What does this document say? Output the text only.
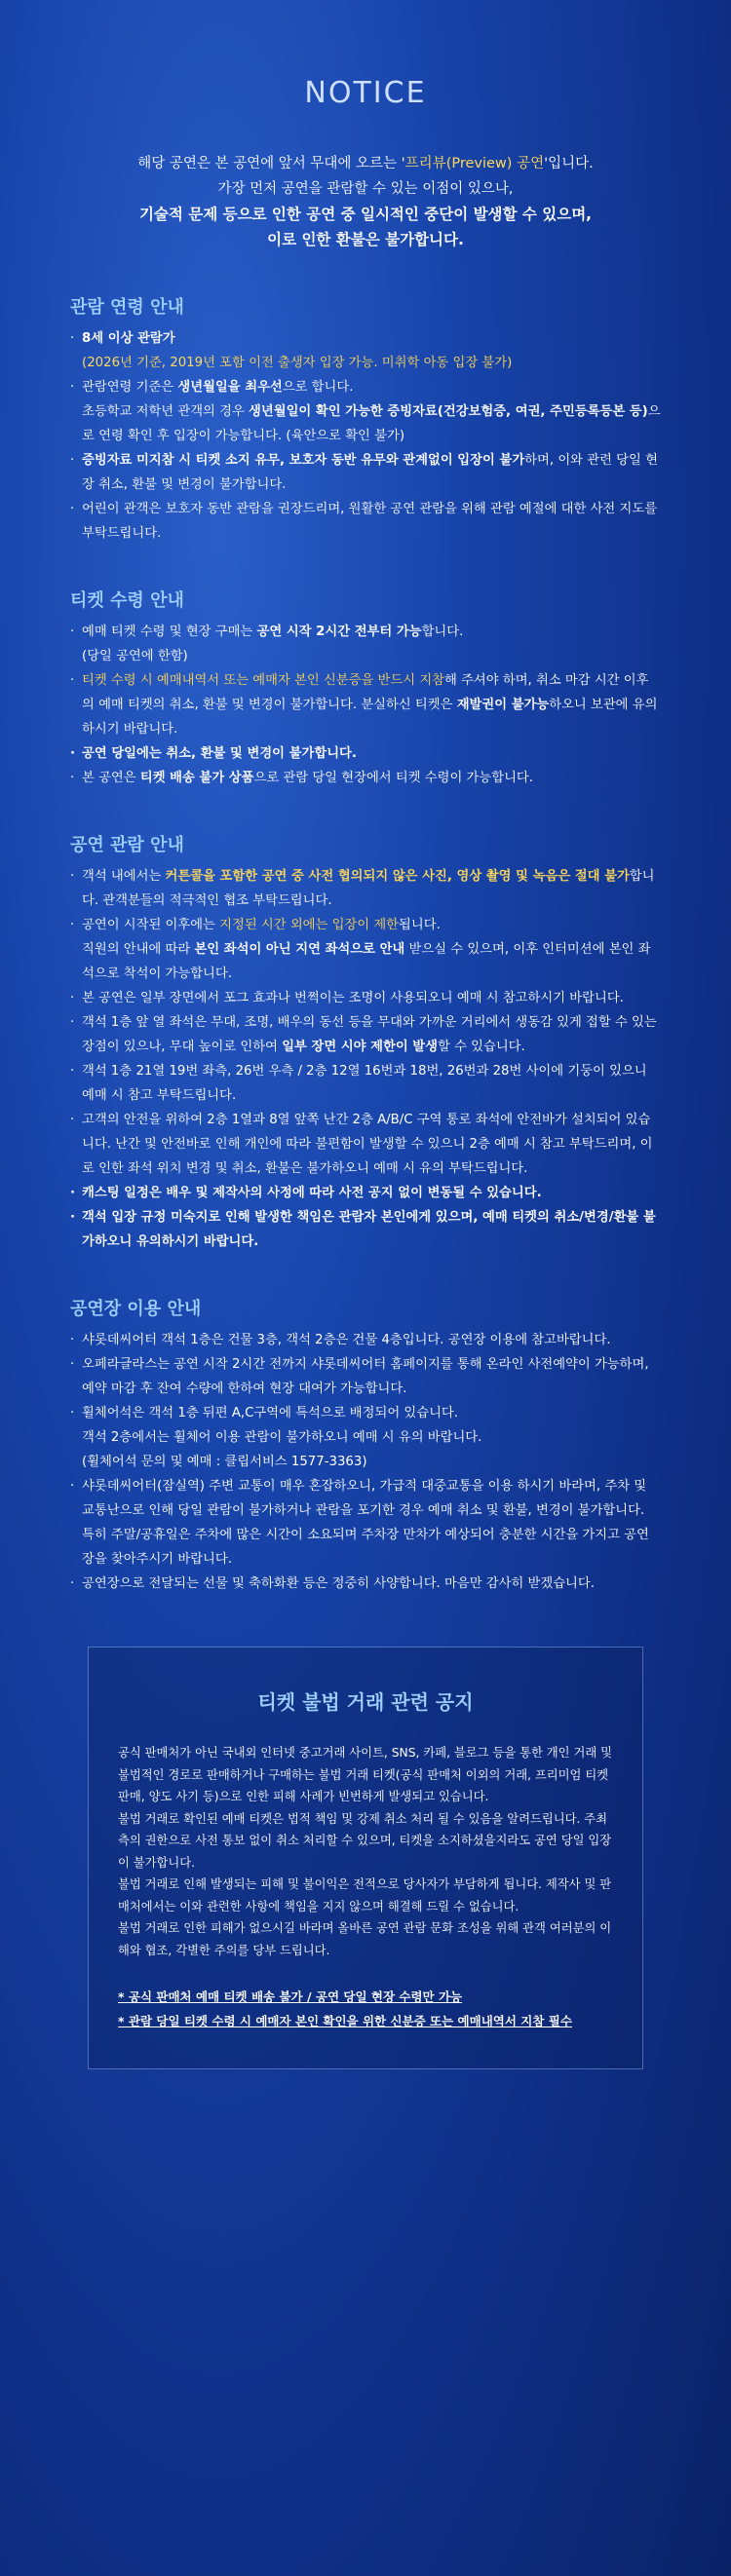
NOTICE
해당 공연은 본 공연에 앞서 무대에 오르는 '프리뷰(Preview) 공연'입니다.
가장 먼저 공연을 관람할 수 있는 이점이 있으나,
기술적 문제 등으로 인한 공연 중 일시적인 중단이 발생할 수 있으며,
이로 인한 환불은 불가합니다.
관람 연령 안내
· 8세 이상 관람가
(2026년 기준, 2019년 포함 이전 출생자 입장 가능. 미취학 아동 입장 불가)
· 관람연령 기준은 생년월일을 최우선으로 합니다.
초등학교 저학년 관객의 경우 생년월일이 확인 가능한 증빙자료(건강보험증, 여권, 주민등록등본 등)으로 연령 확인 후 입장이 가능합니다. (육안으로 확인 불가)
· 증빙자료 미지참 시 티켓 소지 유무, 보호자 동반 유무와 관계없이 입장이 불가하며, 이와 관련 당일 현장 취소, 환불 및 변경이 불가합니다.
· 어린이 관객은 보호자 동반 관람을 권장드리며, 원활한 공연 관람을 위해 관람 예절에 대한 사전 지도를 부탁드립니다.
티켓 수령 안내
· 예매 티켓 수령 및 현장 구매는 공연 시작 2시간 전부터 가능합니다.
(당일 공연에 한함)
· 티켓 수령 시 예매내역서 또는 예매자 본인 신분증을 반드시 지참해 주셔야 하며, 취소 마감 시간 이후의 예매 티켓의 취소, 환불 및 변경이 불가합니다. 분실하신 티켓은 재발권이 불가능하오니 보관에 유의하시기 바랍니다.
· 공연 당일에는 취소, 환불 및 변경이 불가합니다.
· 본 공연은 티켓 배송 불가 상품으로 관람 당일 현장에서 티켓 수령이 가능합니다.
공연 관람 안내
· 객석 내에서는 커튼콜을 포함한 공연 중 사전 협의되지 않은 사진, 영상 촬영 및 녹음은 절대 불가합니다. 관객분들의 적극적인 협조 부탁드립니다.
· 공연이 시작된 이후에는 지정된 시간 외에는 입장이 제한됩니다.
직원의 안내에 따라 본인 좌석이 아닌 지연 좌석으로 안내 받으실 수 있으며, 이후 인터미션에 본인 좌석으로 착석이 가능합니다.
· 본 공연은 일부 장면에서 포그 효과나 번쩍이는 조명이 사용되오니 예매 시 참고하시기 바랍니다.
· 객석 1층 앞 열 좌석은 무대, 조명, 배우의 동선 등을 무대와 가까운 거리에서 생동감 있게 접할 수 있는 장점이 있으나, 무대 높이로 인하여 일부 장면 시야 제한이 발생할 수 있습니다.
· 객석 1층 21열 19번 좌측, 26번 우측 / 2층 12열 16번과 18번, 26번과 28번 사이에 기둥이 있으니 예매 시 참고 부탁드립니다.
· 고객의 안전을 위하여 2층 1열과 8열 앞쪽 난간 2층 A/B/C 구역 통로 좌석에 안전바가 설치되어 있습니다. 난간 및 안전바로 인해 개인에 따라 불편함이 발생할 수 있으니 2층 예매 시 참고 부탁드리며, 이로 인한 좌석 위치 변경 및 취소, 환불은 불가하오니 예매 시 유의 부탁드립니다.
· 캐스팅 일정은 배우 및 제작사의 사정에 따라 사전 공지 없이 변동될 수 있습니다.
· 객석 입장 규정 미숙지로 인해 발생한 책임은 관람자 본인에게 있으며, 예매 티켓의 취소/변경/환불 불가하오니 유의하시기 바랍니다.
공연장 이용 안내
· 샤롯데씨어터 객석 1층은 건물 3층, 객석 2층은 건물 4층입니다. 공연장 이용에 참고바랍니다.
· 오페라글라스는 공연 시작 2시간 전까지 샤롯데씨어터 홈페이지를 통해 온라인 사전예약이 가능하며, 예약 마감 후 잔여 수량에 한하여 현장 대여가 가능합니다.
· 휠체어석은 객석 1층 뒤편 A,C구역에 특석으로 배정되어 있습니다.
객석 2층에서는 휠체어 이용 관람이 불가하오니 예매 시 유의 바랍니다.
(휠체어석 문의 및 예매 : 클립서비스 1577-3363)
· 샤롯데씨어터(잠실역) 주변 교통이 매우 혼잡하오니, 가급적 대중교통을 이용 하시기 바라며, 주차 및 교통난으로 인해 당일 관람이 불가하거나 관람을 포기한 경우 예매 취소 및 환불, 변경이 불가합니다. 특히 주말/공휴일은 주차에 많은 시간이 소요되며 주차장 만차가 예상되어 충분한 시간을 가지고 공연장을 찾아주시기 바랍니다.
· 공연장으로 전달되는 선물 및 축하화환 등은 정중히 사양합니다. 마음만 감사히 받겠습니다.
티켓 불법 거래 관련 공지

공식 판매처가 아닌 국내외 인터넷 중고거래 사이트, SNS, 카페, 블로그 등을 통한 개인 거래 및 불법적인 경로로 판매하거나 구매하는 불법 거래 티켓(공식 판매처 이외의 거래, 프리미엄 티켓 판매, 양도 사기 등)으로 인한 피해 사례가 빈번하게 발생되고 있습니다.

불법 거래로 확인된 예매 티켓은 법적 책임 및 강제 취소 처리 될 수 있음을 알려드립니다. 주최 측의 권한으로 사전 통보 없이 취소 처리할 수 있으며, 티켓을 소지하셨을지라도 공연 당일 입장이 불가합니다.

불법 거래로 인해 발생되는 피해 및 불이익은 전적으로 당사자가 부담하게 됩니다. 제작사 및 판매처에서는 이와 관련한 사항에 책임을 지지 않으며 해결해 드릴 수 없습니다.

불법 거래로 인한 피해가 없으시길 바라며 올바른 공연 관람 문화 조성을 위해 관객 여러분의 이해와 협조, 각별한 주의를 당부 드립니다.

* 공식 판매처 예매 티켓 배송 불가 / 공연 당일 현장 수령만 가능
* 관람 당일 티켓 수령 시 예매자 본인 확인을 위한 신분증 또는 예매내역서 지참 필수
